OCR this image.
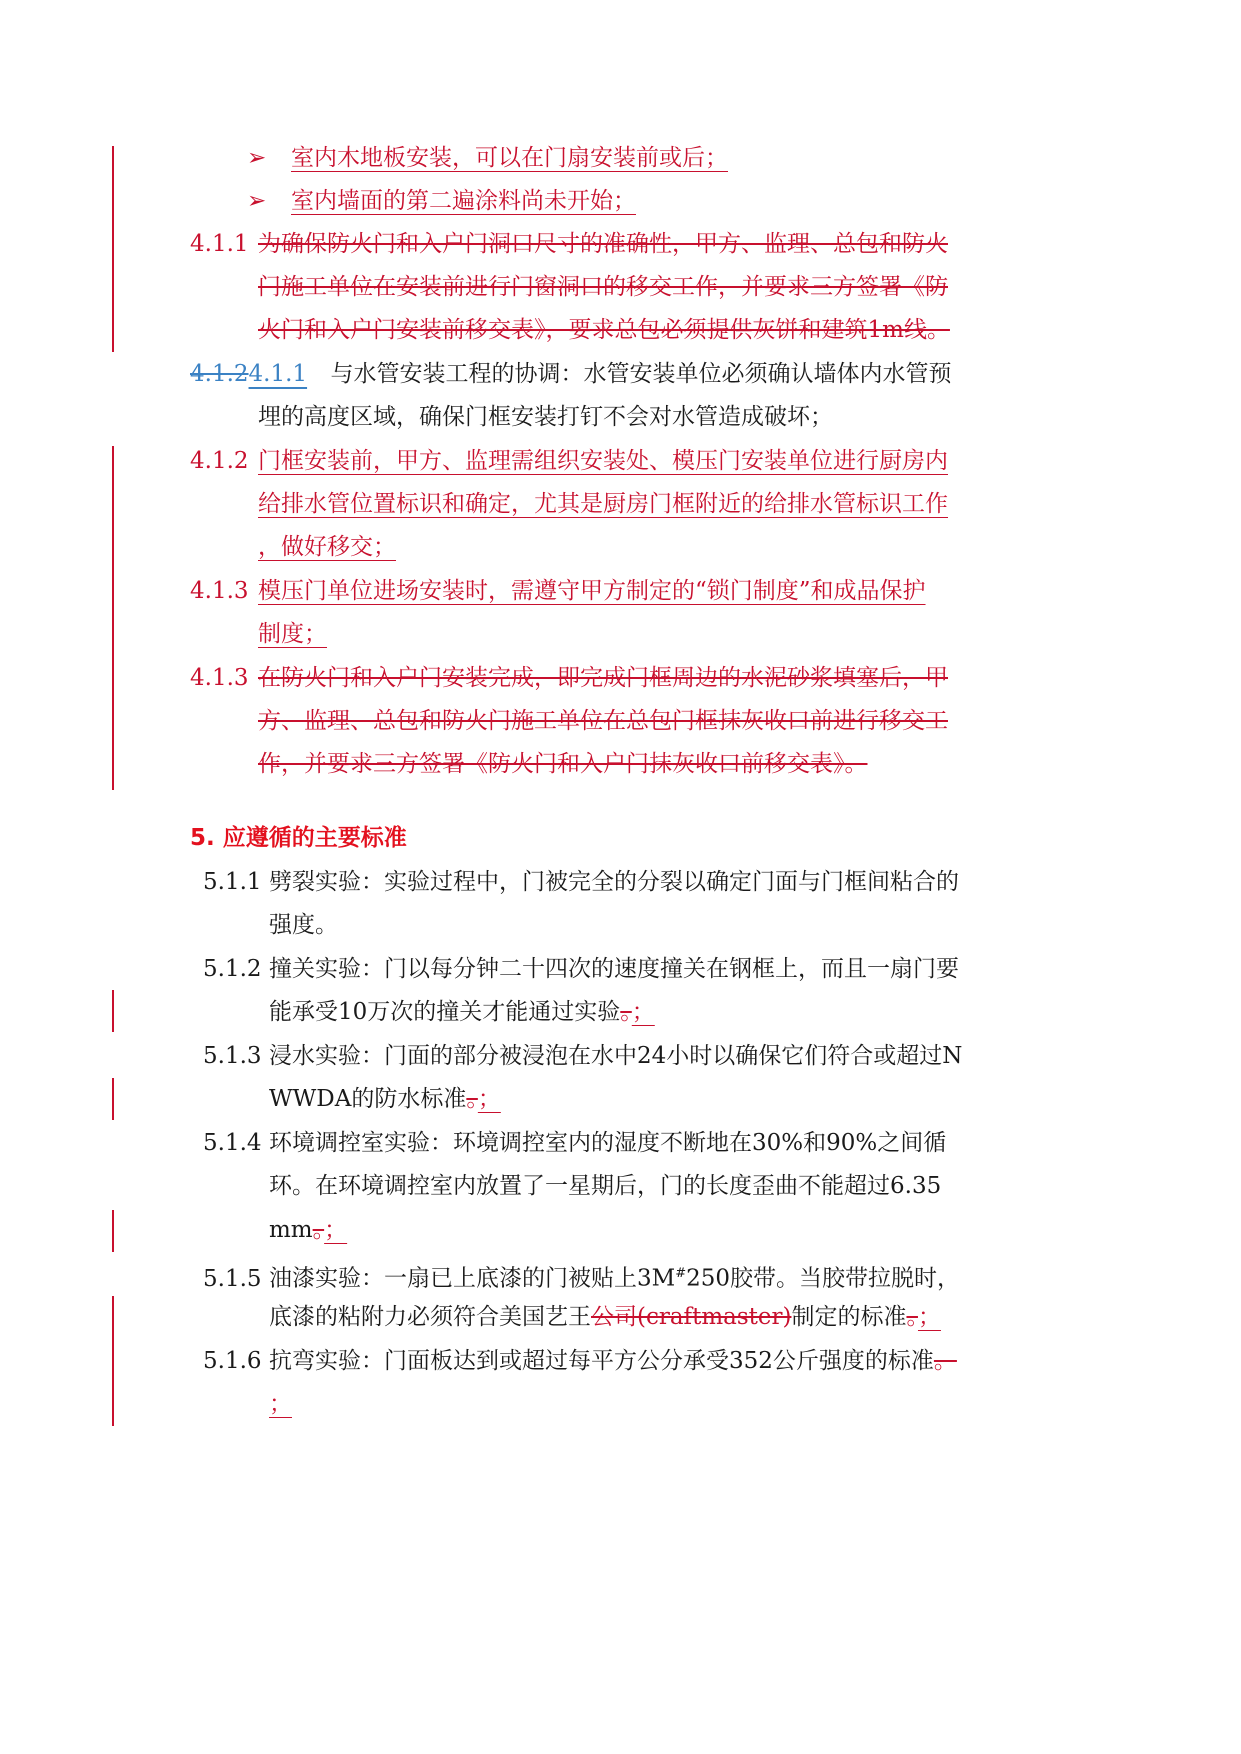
➢ 室内木地板安装，可以在门扇安装前或后；
➢ 室内墙面的第二遍涂料尚未开始；
4.1.1 为确保防火门和入户门洞口尺寸的准确性，甲方、监理、总包和防火
门施工单位在安装前进行门窗洞口的移交工作，并要求三方签署《防
火门和入户门安装前移交表》，要求总包必须提供灰饼和建筑1m线。
4.1.24.1.1 与水管安装工程的协调：水管安装单位必须确认墙体内水管预
埋的高度区域，确保门框安装打钉不会对水管造成破坏；
4.1.2 门框安装前，甲方、监理需组织安装处、模压门安装单位进行厨房内
给排水管位置标识和确定，尤其是厨房门框附近的给排水管标识工作
，做好移交；
4.1.3 模压门单位进场安装时，需遵守甲方制定的“锁门制度”和成品保护
制度；
4.1.3 在防火门和入户门安装完成，即完成门框周边的水泥砂浆填塞后，甲
方、监理、总包和防火门施工单位在总包门框抹灰收口前进行移交工
作，并要求三方签署《防火门和入户门抹灰收口前移交表》。
5. 应遵循的主要标准
5.1.1 劈裂实验：实验过程中，门被完全的分裂以确定门面与门框间粘合的
强度。
5.1.2 撞关实验：门以每分钟二十四次的速度撞关在钢框上，而且一扇门要
能承受10万次的撞关才能通过实验。；
5.1.3 浸水实验：门面的部分被浸泡在水中24小时以确保它们符合或超过N
WWDA的防水标准。；
5.1.4 环境调控室实验：环境调控室内的湿度不断地在30%和90%之间循
环。在环境调控室内放置了一星期后，门的长度歪曲不能超过6.35
mm。；
5.1.5 油漆实验：一扇已上底漆的门被贴上3M#250胶带。当胶带拉脱时，
底漆的粘附力必须符合美国艺王公司(craftmaster)制定的标准。；
5.1.6 抗弯实验：门面板达到或超过每平方公分承受352公斤强度的标准。
；
